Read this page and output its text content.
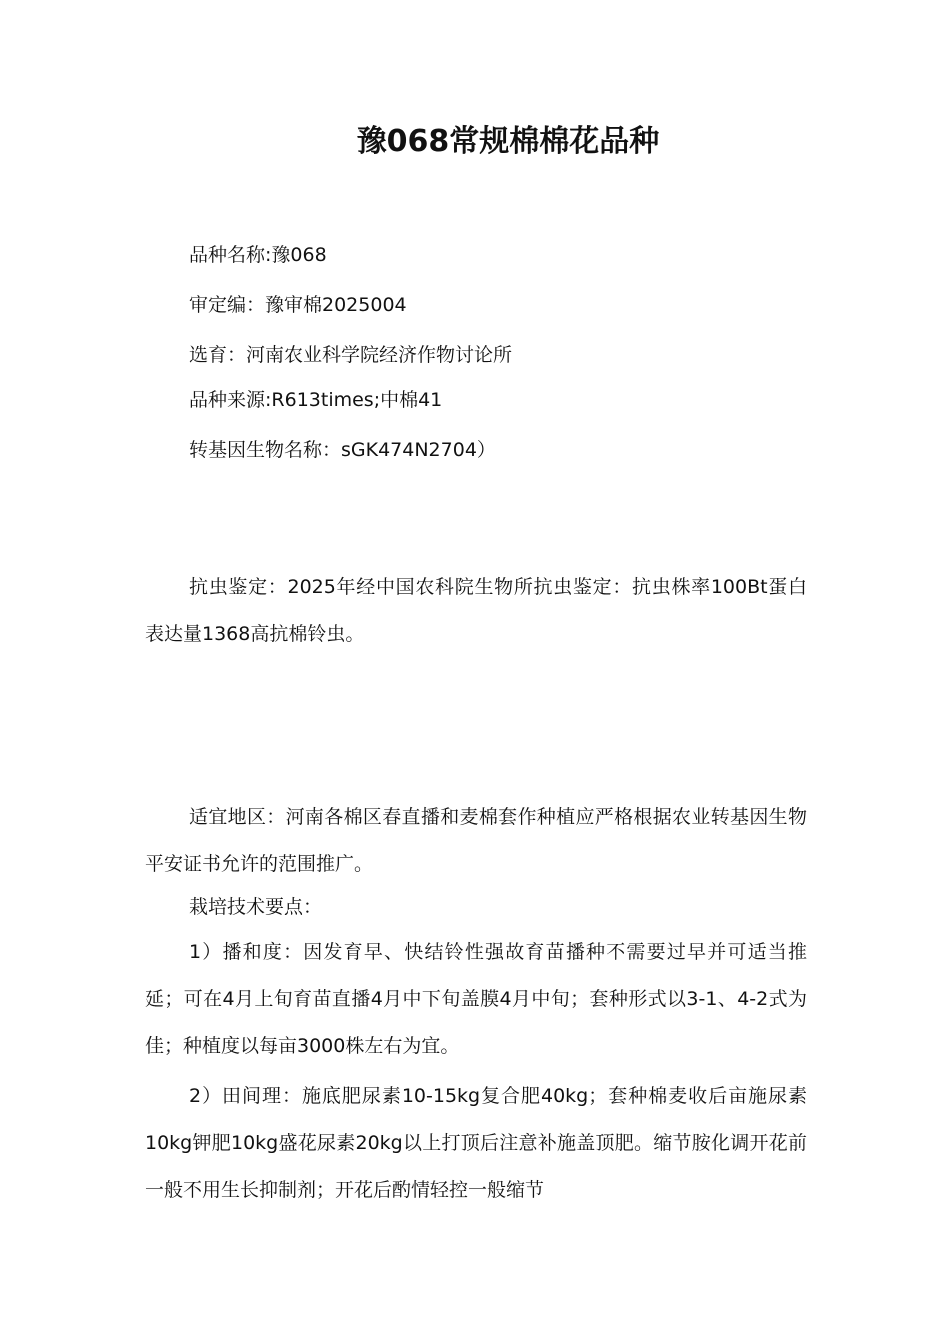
豫068常规棉棉花品种
品种名称:豫068
审定编：豫审棉2025004
选育：河南农业科学院经济作物讨论所
品种来源:R613times;中棉41
转基因生物名称：sGK474N2704）
抗虫鉴定：2025年经中国农科院生物所抗虫鉴定：抗虫株率100Bt蛋白表达量1368高抗棉铃虫。
适宜地区：河南各棉区春直播和麦棉套作种植应严格根据农业转基因生物平安证书允许的范围推广。
栽培技术要点：
1）播和度：因发育早、快结铃性强故育苗播种不需要过早并可适当推延；可在4月上旬育苗直播4月中下旬盖膜4月中旬；套种形式以3-1、4-2式为佳；种植度以每亩3000株左右为宜。
2）田间理：施底肥尿素10-15kg复合肥40kg；套种棉麦收后亩施尿素10kg钾肥10kg盛花尿素20kg以上打顶后注意补施盖顶肥。缩节胺化调开花前一般不用生长抑制剂；开花后酌情轻控一般缩节
